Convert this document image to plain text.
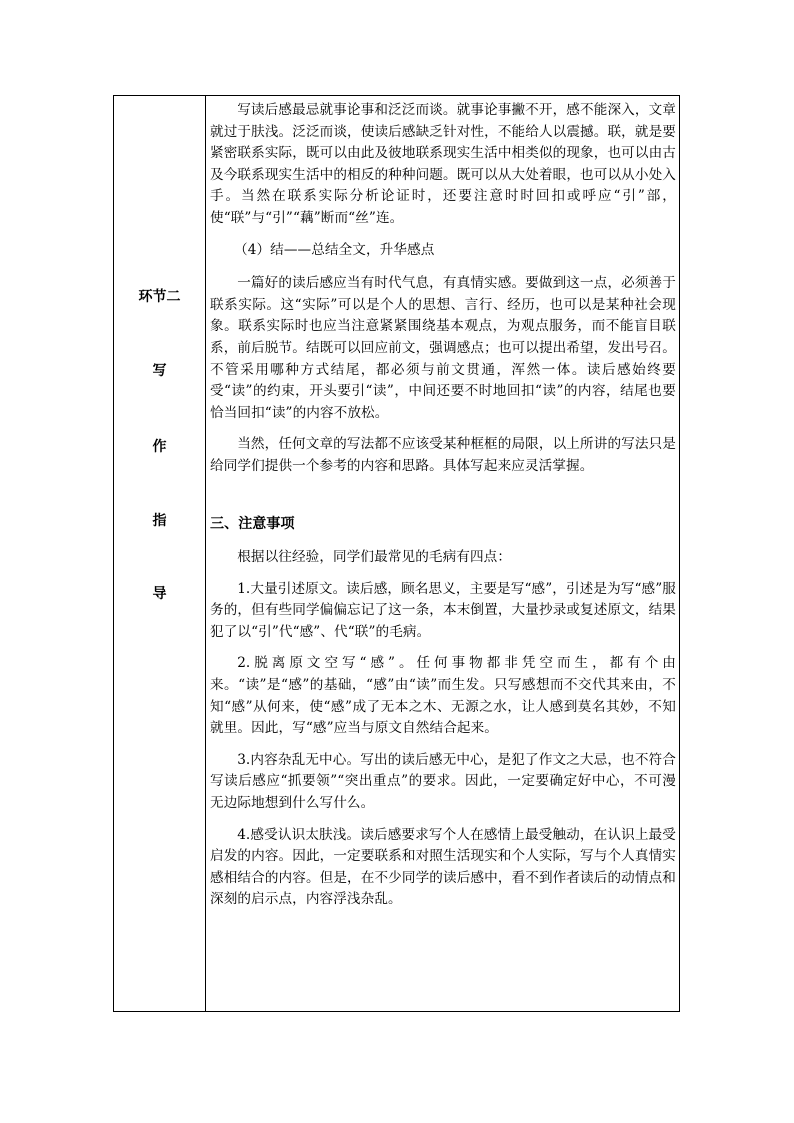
环节二
写
作
指
导

写读后感最忌就事论事和泛泛而谈。就事论事撇不开，感不能深入，文章就过于肤浅。泛泛而谈，使读后感缺乏针对性，不能给人以震撼。联，就是要紧密联系实际，既可以由此及彼地联系现实生活中相类似的现象，也可以由古及今联系现实生活中的相反的种种问题。既可以从大处着眼，也可以从小处入手。当然在联系实际分析论证时，还要注意时时回扣或呼应“引”部，使“联”与“引”“藕”断而“丝”连。

（4）结——总结全文，升华感点

一篇好的读后感应当有时代气息，有真情实感。要做到这一点，必须善于联系实际。这“实际”可以是个人的思想、言行、经历，也可以是某种社会现象。联系实际时也应当注意紧紧围绕基本观点，为观点服务，而不能盲目联系，前后脱节。结既可以回应前文，强调感点；也可以提出希望，发出号召。不管采用哪种方式结尾，都必须与前文贯通，浑然一体。读后感始终要受“读”的约束，开头要引“读”，中间还要不时地回扣“读”的内容，结尾也要恰当回扣“读”的内容不放松。

当然，任何文章的写法都不应该受某种框框的局限，以上所讲的写法只是给同学们提供一个参考的内容和思路。具体写起来应灵活掌握。

三、注意事项

根据以往经验，同学们最常见的毛病有四点：

1.大量引述原文。读后感，顾名思义，主要是写“感”，引述是为写“感”服务的，但有些同学偏偏忘记了这一条，本末倒置，大量抄录或复述原文，结果犯了以“引”代“感”、代“联”的毛病。

2.脱离原文空写“感”。任何事物都非凭空而生，都有个由来。“读”是“感”的基础，“感”由“读”而生发。只写感想而不交代其来由，不知“感”从何来，使“感”成了无本之木、无源之水，让人感到莫名其妙，不知就里。因此，写“感”应当与原文自然结合起来。

3.内容杂乱无中心。写出的读后感无中心，是犯了作文之大忌，也不符合写读后感应“抓要领”“突出重点”的要求。因此，一定要确定好中心，不可漫无边际地想到什么写什么。

4.感受认识太肤浅。读后感要求写个人在感情上最受触动，在认识上最受启发的内容。因此，一定要联系和对照生活现实和个人实际，写与个人真情实感相结合的内容。但是，在不少同学的读后感中，看不到作者读后的动情点和深刻的启示点，内容浮浅杂乱。
